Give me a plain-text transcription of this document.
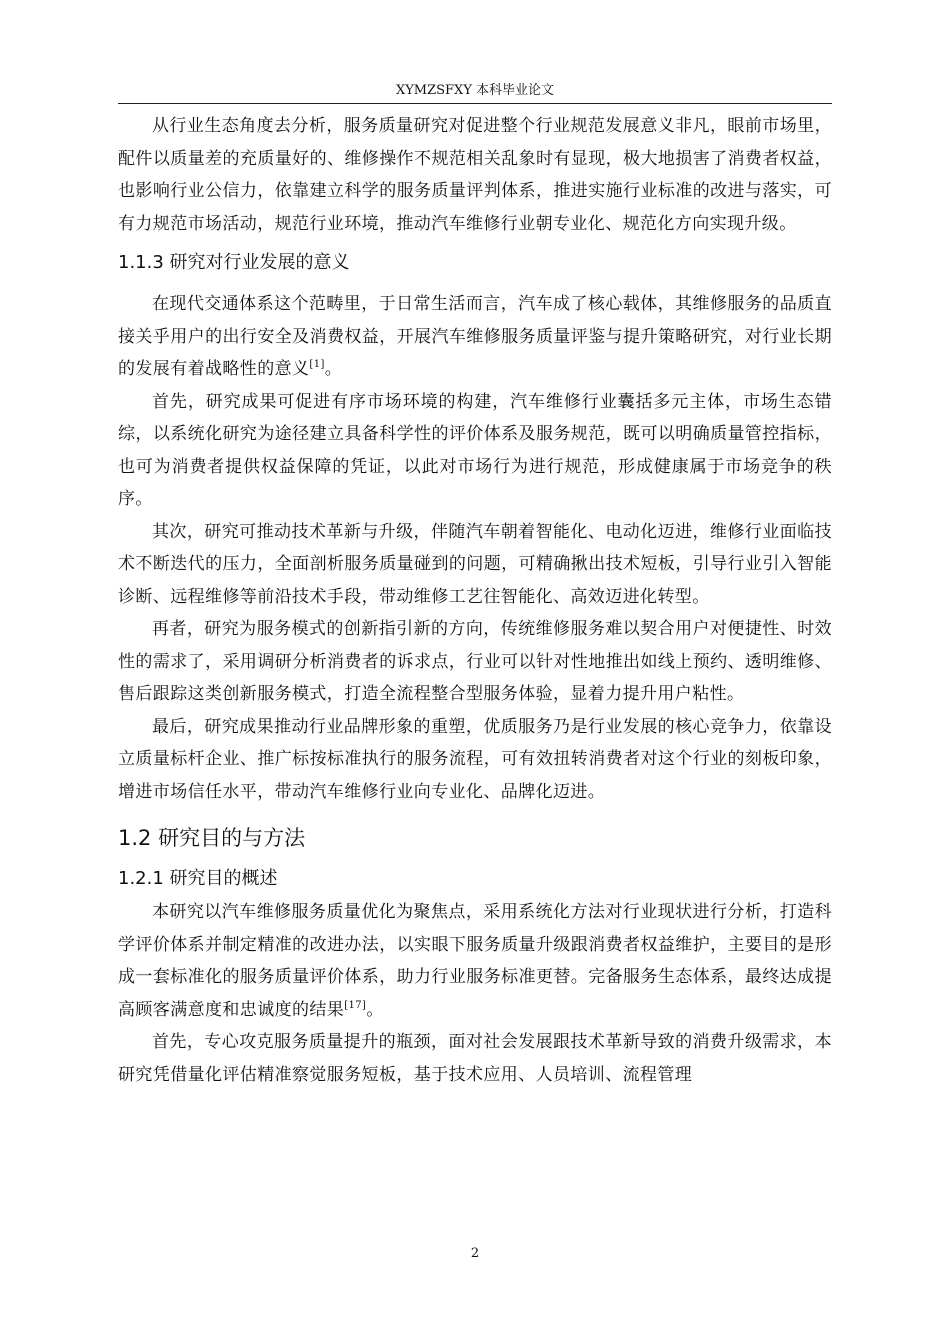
XYMZSFXY 本科毕业论文

从行业生态角度去分析，服务质量研究对促进整个行业规范发展意义非凡，眼前市场里，配件以质量差的充质量好的、维修操作不规范相关乱象时有显现，极大地损害了消费者权益，也影响行业公信力，依靠建立科学的服务质量评判体系，推进实施行业标准的改进与落实，可有力规范市场活动，规范行业环境，推动汽车维修行业朝专业化、规范化方向实现升级。

1.1.3 研究对行业发展的意义

在现代交通体系这个范畴里，于日常生活而言，汽车成了核心载体，其维修服务的品质直接关乎用户的出行安全及消费权益，开展汽车维修服务质量评鉴与提升策略研究，对行业长期的发展有着战略性的意义[1]。

首先，研究成果可促进有序市场环境的构建，汽车维修行业囊括多元主体，市场生态错综，以系统化研究为途径建立具备科学性的评价体系及服务规范，既可以明确质量管控指标，也可为消费者提供权益保障的凭证，以此对市场行为进行规范，形成健康属于市场竞争的秩序。

其次，研究可推动技术革新与升级，伴随汽车朝着智能化、电动化迈进，维修行业面临技术不断迭代的压力，全面剖析服务质量碰到的问题，可精确揪出技术短板，引导行业引入智能诊断、远程维修等前沿技术手段，带动维修工艺往智能化、高效迈进化转型。

再者，研究为服务模式的创新指引新的方向，传统维修服务难以契合用户对便捷性、时效性的需求了，采用调研分析消费者的诉求点，行业可以针对性地推出如线上预约、透明维修、售后跟踪这类创新服务模式，打造全流程整合型服务体验，显着力提升用户粘性。

最后，研究成果推动行业品牌形象的重塑，优质服务乃是行业发展的核心竞争力，依靠设立质量标杆企业、推广标按标准执行的服务流程，可有效扭转消费者对这个行业的刻板印象，增进市场信任水平，带动汽车维修行业向专业化、品牌化迈进。

1.2 研究目的与方法
1.2.1 研究目的概述

本研究以汽车维修服务质量优化为聚焦点，采用系统化方法对行业现状进行分析，打造科学评价体系并制定精准的改进办法，以实眼下服务质量升级跟消费者权益维护，主要目的是形成一套标准化的服务质量评价体系，助力行业服务标准更替。完备服务生态体系，最终达成提高顾客满意度和忠诚度的结果[17]。

首先，专心攻克服务质量提升的瓶颈，面对社会发展跟技术革新导致的消费升级需求，本研究凭借量化评估精准察觉服务短板，基于技术应用、人员培训、流程管理

2
